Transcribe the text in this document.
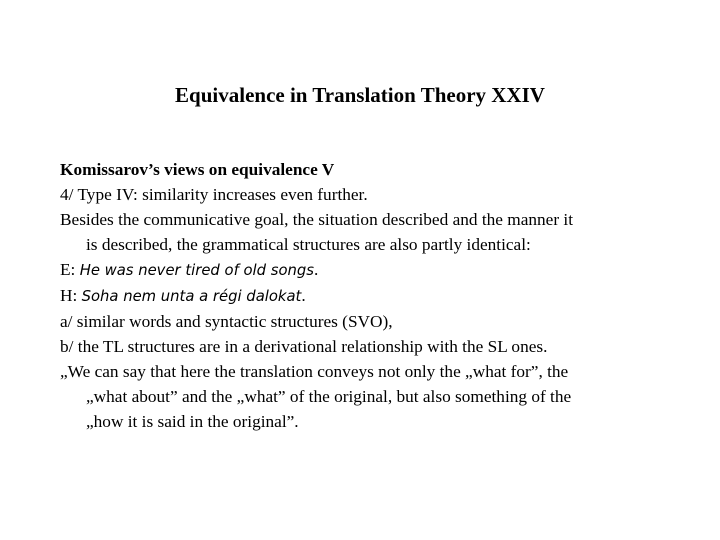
Equivalence in Translation Theory XXIV
Komissarov’s views on equivalence V
4/ Type IV: similarity increases even further.
Besides the communicative goal, the situation described and the manner it
is described, the grammatical structures are also partly identical:
E: He was never tired of old songs.
H: Soha nem unta a régi dalokat.
a/ similar words and syntactic structures (SVO),
b/ the TL structures are in a derivational relationship with the SL ones.
„We can say that here the translation conveys not only the „what for”, the
„what about” and the „what” of the original, but also something of the
„how it is said in the original”.
